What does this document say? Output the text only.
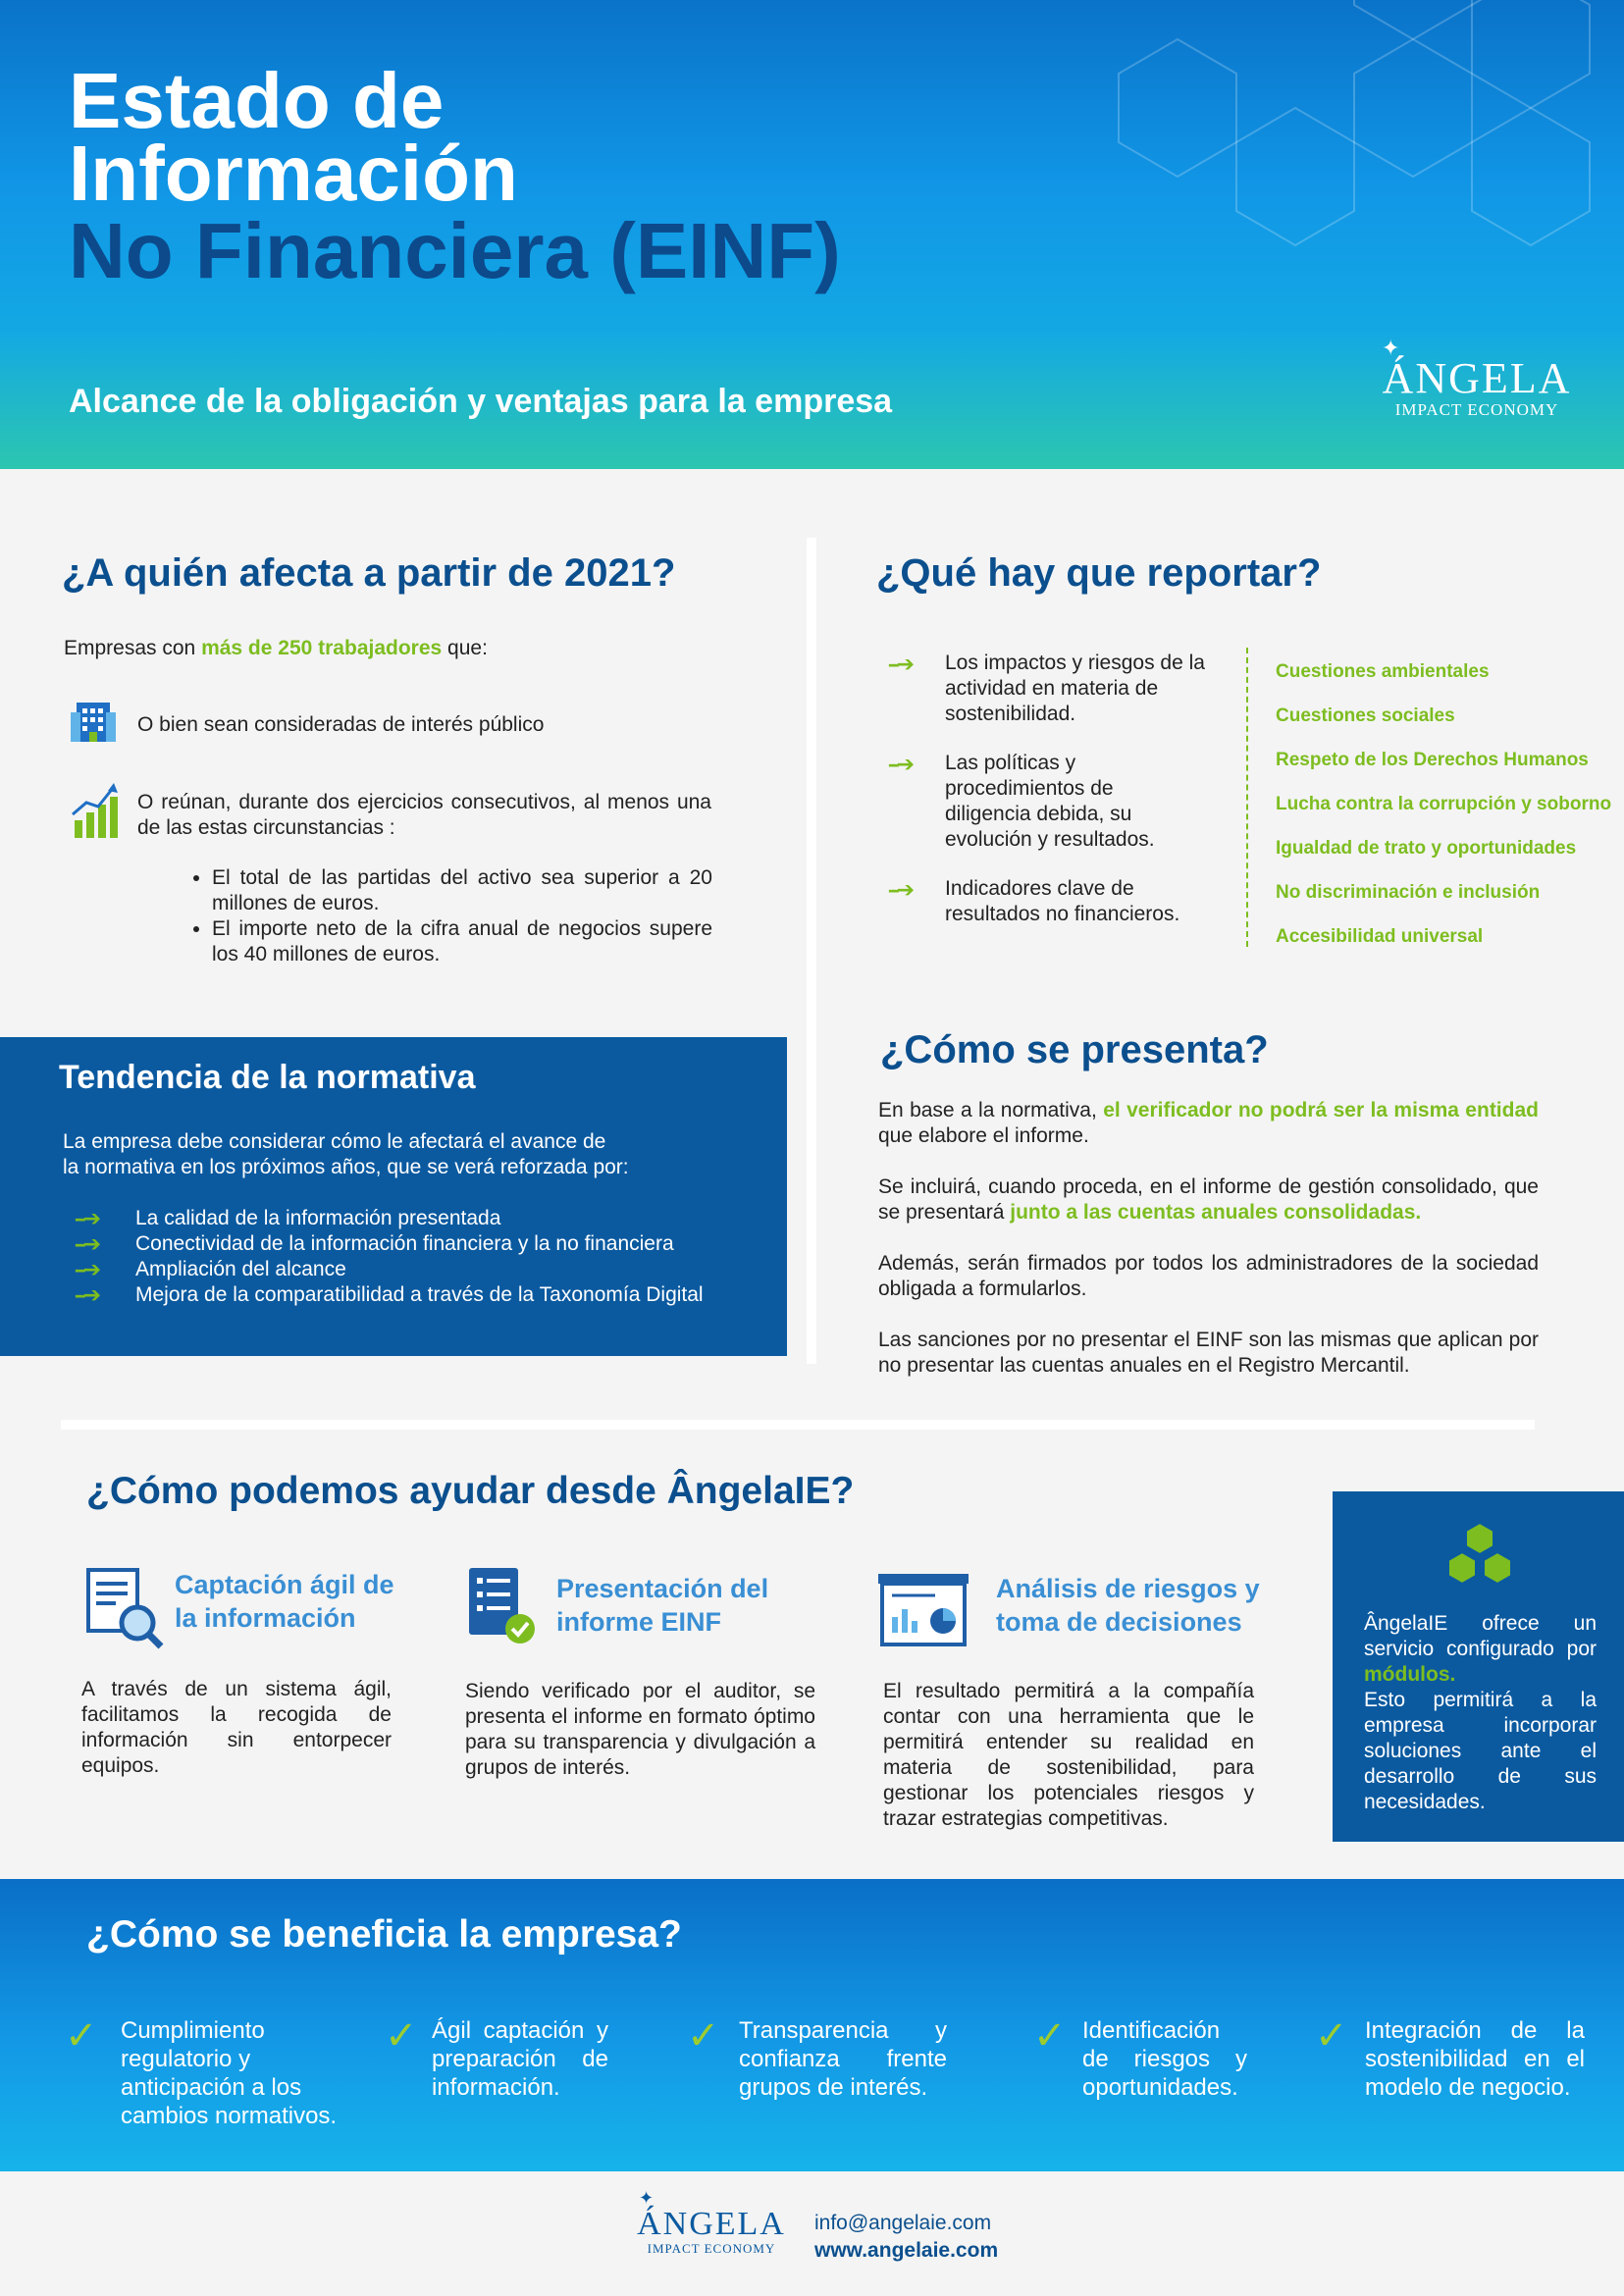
Estado de
Información
No Financiera (EINF)
Alcance de la obligación y ventajas para la empresa
✦
ÁNGELA
IMPACT ECONOMY
¿A quién afecta a partir de 2021?

Empresas con más de 250 trabajadores que:

O bien sean consideradas de interés público

O reúnan, durante dos ejercicios consecutivos, al menos una de las estas circunstancias :

• El total de las partidas del activo sea superior a 20 millones de euros.
• El importe neto de la cifra anual de negocios supere los 40 millones de euros.
¿Qué hay que reportar?
--➔ Los impactos y riesgos de la actividad en materia de sostenibilidad.

--➔ Las políticas y procedimientos de diligencia debida, su evolución y resultados.

--➔ Indicadores clave de resultados no financieros.

Cuestiones ambientales
Cuestiones sociales
Respeto de los Derechos Humanos
Lucha contra la corrupción y soborno
Igualdad de trato y oportunidades
No discriminación e inclusión
Accesibilidad universal
Tendencia de la normativa

La empresa debe considerar cómo le afectará el avance de

la normativa en los próximos años, que se verá reforzada por:

--➔
--➔
--➔
--➔
La calidad de la información presentada
Conectividad de la información financiera y la no financiera
Ampliación del alcance
Mejora de la comparatibilidad a través de la Taxonomía Digital
¿Cómo se presenta?

En base a la normativa, el verificador no podrá ser la misma entidad que elabore el informe.

Se incluirá, cuando proceda, en el informe de gestión consolidado, que se presentará junto a las cuentas anuales consolidadas.

Además, serán firmados por todos los administradores de la sociedad obligada a formularlos.

Las sanciones por no presentar el EINF son las mismas que aplican por no presentar las cuentas anuales en el Registro Mercantil.

¿Cómo podemos ayudar desde ÂngelaIE?
Captación ágil de la información

A través de un sistema ágil, facilitamos la recogida de información sin entorpecer equipos.

Presentación del informe EINF

Siendo verificado por el auditor, se presenta el informe en formato óptimo para su transparencia y divulgación a grupos de interés.

Análisis de riesgos y toma de decisiones

El resultado permitirá a la compañía contar con una herramienta que le permitirá entender su realidad en materia de sostenibilidad, para gestionar los potenciales riesgos y trazar estrategias competitivas.

ÂngelaIE ofrece un servicio configurado por módulos.
Esto permitirá a la empresa incorporar soluciones ante el desarrollo de sus necesidades.

¿Cómo se beneficia la empresa?
✓ Cumplimiento regulatorio y anticipación a los cambios normativos.
✓ Ágil captación y preparación de información.
✓ Transparencia y confianza frente grupos de interés.
✓ Identificación de riesgos y oportunidades.
✓ Integración de la sostenibilidad en el modelo de negocio.
✦
ÁNGELA
IMPACT ECONOMY
info@angelaie.com
www.angelaie.com
